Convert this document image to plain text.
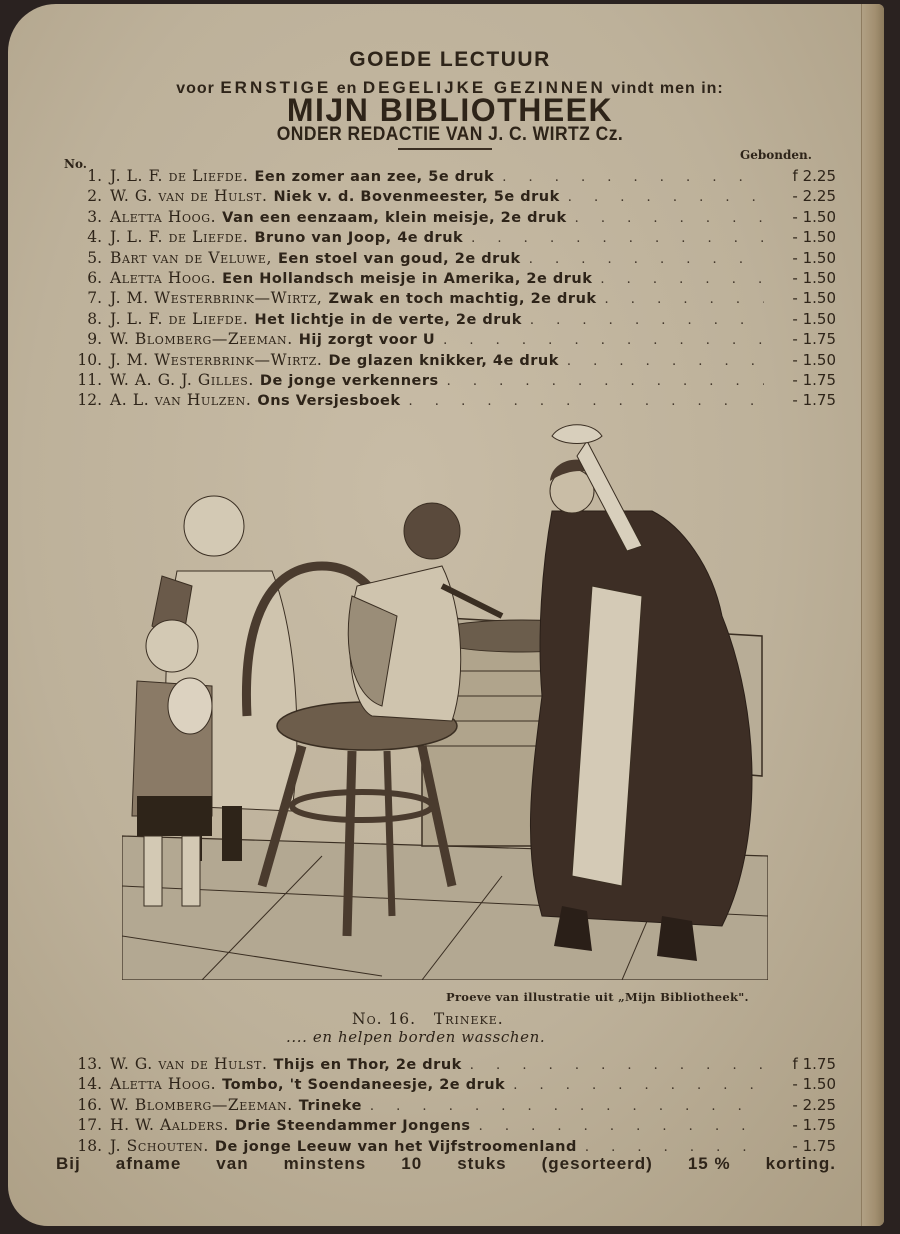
GOEDE LECTUUR
voor ERNSTIGE en DEGELIJKE GEZINNEN vindt men in:
MIJN BIBLIOTHEEK
ONDER REDACTIE VAN J. C. WIRTZ Cz.
No.
Gebonden.
1. J. L. F. de Liefde. Een zomer aan zee, 5e druk . . .	f 2.25
2. W. G. van de Hulst. Niek v. d. Bovenmeester, 5e druk . . .	- 2.25
3. Aletta Hoog. Van een eenzaam, klein meisje, 2e druk . . .	- 1.50
4. J. L. F. de Liefde. Bruno van Joop, 4e druk . . .	- 1.50
5. Bart van de Veluwe, Een stoel van goud, 2e druk . . .	- 1.50
6. Aletta Hoog. Een Hollandsch meisje in Amerika, 2e druk . . .	- 1.50
7. J. M. Westerbrink—Wirtz, Zwak en toch machtig, 2e druk . . .	- 1.50
8. J. L. F. de Liefde. Het lichtje in de verte, 2e druk . . .	- 1.50
9. W. Blomberg—Zeeman. Hij zorgt voor U . . .	- 1.75
10. J. M. Westerbrink—Wirtz. De glazen knikker, 4e druk . . .	- 1.50
11. W. A. G. J. Gilles. De jonge verkenners . . .	- 1.75
12. A. L. van Hulzen. Ons Versjesboek . . .	- 1.75
Proeve van illustratie uit „Mijn Bibliotheek".
No. 16. Trineke.
.... en helpen borden wasschen.
13. W. G. van de Hulst. Thijs en Thor, 2e druk . . .	f 1.75
14. Aletta Hoog. Tombo, 't Soendaneesje, 2e druk . . .	- 1.50
16. W. Blomberg—Zeeman. Trineke . . .	- 2.25
17. H. W. Aalders. Drie Steendammer Jongens . . .	- 1.75
18. J. Schouten. De jonge Leeuw van het Vijfstroomenland . . .	- 1.75
Bij afname van minstens 10 stuks (gesorteerd) 15 % korting.
